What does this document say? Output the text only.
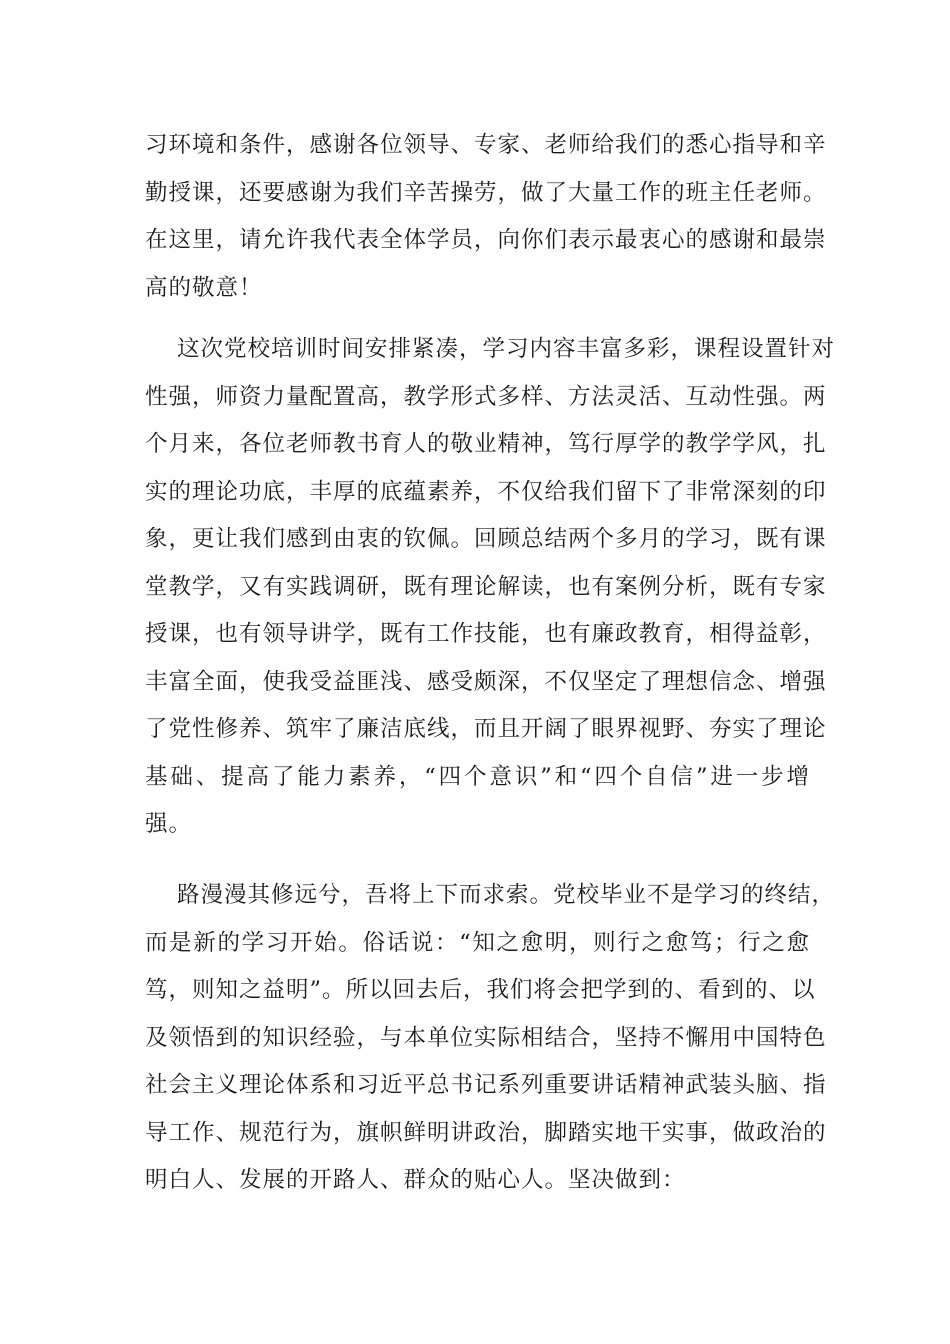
习环境和条件，感谢各位领导、专家、老师给我们的悉心指导和辛
勤授课，还要感谢为我们辛苦操劳，做了大量工作的班主任老师。
在这里，请允许我代表全体学员，向你们表示最衷心的感谢和最崇
高的敬意！
这次党校培训时间安排紧凑，学习内容丰富多彩，课程设置针对
性强，师资力量配置高，教学形式多样、方法灵活、互动性强。两
个月来，各位老师教书育人的敬业精神，笃行厚学的教学学风，扎
实的理论功底，丰厚的底蕴素养，不仅给我们留下了非常深刻的印
象，更让我们感到由衷的钦佩。回顾总结两个多月的学习，既有课
堂教学，又有实践调研，既有理论解读，也有案例分析，既有专家
授课，也有领导讲学，既有工作技能，也有廉政教育，相得益彰，
丰富全面，使我受益匪浅、感受颇深，不仅坚定了理想信念、增强
了党性修养、筑牢了廉洁底线，而且开阔了眼界视野、夯实了理论
基础、提高了能力素养，“四个意识”和“四个自信”进一步增
强。
路漫漫其修远兮，吾将上下而求索。党校毕业不是学习的终结，
而是新的学习开始。俗话说：“知之愈明，则行之愈笃；行之愈
笃，则知之益明”。所以回去后，我们将会把学到的、看到的、以
及领悟到的知识经验，与本单位实际相结合，坚持不懈用中国特色
社会主义理论体系和习近平总书记系列重要讲话精神武装头脑、指
导工作、规范行为，旗帜鲜明讲政治，脚踏实地干实事，做政治的
明白人、发展的开路人、群众的贴心人。坚决做到：
